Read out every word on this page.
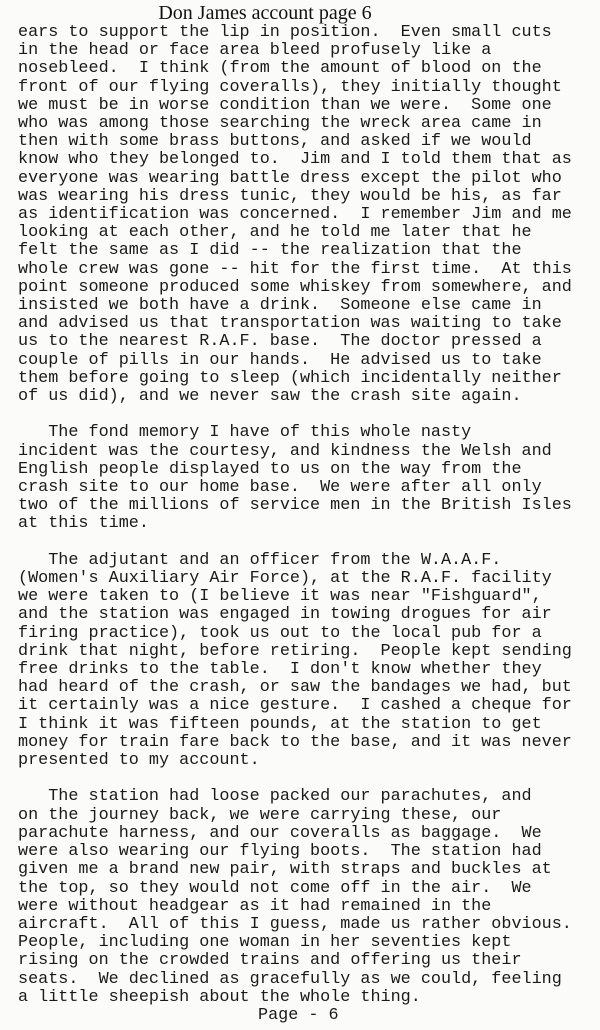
Don James account page 6
ears to support the lip in position.  Even small cuts
in the head or face area bleed profusely like a
nosebleed.  I think (from the amount of blood on the
front of our flying coveralls), they initially thought
we must be in worse condition than we were.  Some one
who was among those searching the wreck area came in
then with some brass buttons, and asked if we would
know who they belonged to.  Jim and I told them that as
everyone was wearing battle dress except the pilot who
was wearing his dress tunic, they would be his, as far
as identification was concerned.  I remember Jim and me
looking at each other, and he told me later that he
felt the same as I did -- the realization that the
whole crew was gone -- hit for the first time.  At this
point someone produced some whiskey from somewhere, and
insisted we both have a drink.  Someone else came in
and advised us that transportation was waiting to take
us to the nearest R.A.F. base.  The doctor pressed a
couple of pills in our hands.  He advised us to take
them before going to sleep (which incidentally neither
of us did), and we never saw the crash site again.
The fond memory I have of this whole nasty
incident was the courtesy, and kindness the Welsh and
English people displayed to us on the way from the
crash site to our home base.  We were after all only
two of the millions of service men in the British Isles
at this time.
The adjutant and an officer from the W.A.A.F.
(Women's Auxiliary Air Force), at the R.A.F. facility
we were taken to (I believe it was near "Fishguard",
and the station was engaged in towing drogues for air
firing practice), took us out to the local pub for a
drink that night, before retiring.  People kept sending
free drinks to the table.  I don't know whether they
had heard of the crash, or saw the bandages we had, but
it certainly was a nice gesture.  I cashed a cheque for
I think it was fifteen pounds, at the station to get
money for train fare back to the base, and it was never
presented to my account.
The station had loose packed our parachutes, and
on the journey back, we were carrying these, our
parachute harness, and our coveralls as baggage.  We
were also wearing our flying boots.  The station had
given me a brand new pair, with straps and buckles at
the top, so they would not come off in the air.  We
were without headgear as it had remained in the
aircraft.  All of this I guess, made us rather obvious.
People, including one woman in her seventies kept
rising on the crowded trains and offering us their
seats.  We declined as gracefully as we could, feeling
a little sheepish about the whole thing.
Page - 6
